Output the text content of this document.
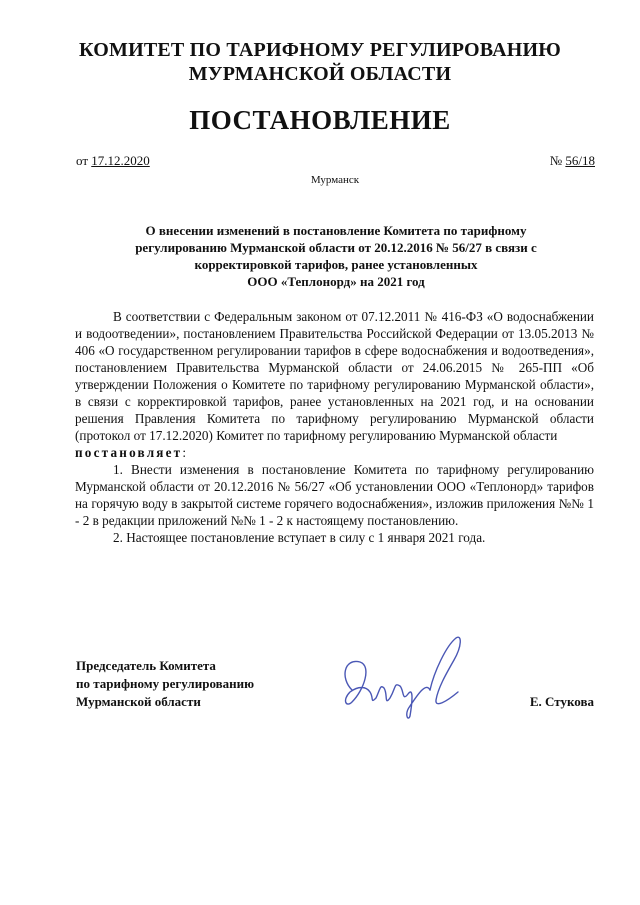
КОМИТЕТ ПО ТАРИФНОМУ РЕГУЛИРОВАНИЮ
МУРМАНСКОЙ ОБЛАСТИ
ПОСТАНОВЛЕНИЕ
от 17.12.2020	№ 56/18
Мурманск
О внесении изменений в постановление Комитета по тарифному
регулированию Мурманской области от 20.12.2016 № 56/27 в связи с
корректировкой тарифов, ранее установленных
ООО «Теплонорд» на 2021 год

В соответствии с Федеральным законом от 07.12.2011 № 416-ФЗ «О водоснабжении и водоотведении», постановлением Правительства Российской Федерации от 13.05.2013 № 406 «О государственном регулировании тарифов в сфере водоснабжения и водоотведения», постановлением Правительства Мурманской области от 24.06.2015 № 265-ПП «Об утверждении Положения о Комитете по тарифному регулированию Мурманской области», в связи с корректировкой тарифов, ранее установленных на 2021 год, и на основании решения Правления Комитета по тарифному регулированию Мурманской области (протокол от 17.12.2020) Комитет по тарифному регулированию Мурманской области

постановляет:

1. Внести изменения в постановление Комитета по тарифному регулированию Мурманской области от 20.12.2016 № 56/27 «Об установлении ООО «Теплонорд» тарифов на горячую воду в закрытой системе горячего водоснабжения», изложив приложения №№ 1 - 2 в редакции приложений №№ 1 - 2 к настоящему постановлению.

2. Настоящее постановление вступает в силу с 1 января 2021 года.

Председатель Комитета
по тарифному регулированию
Мурманской области	Е. Стукова
